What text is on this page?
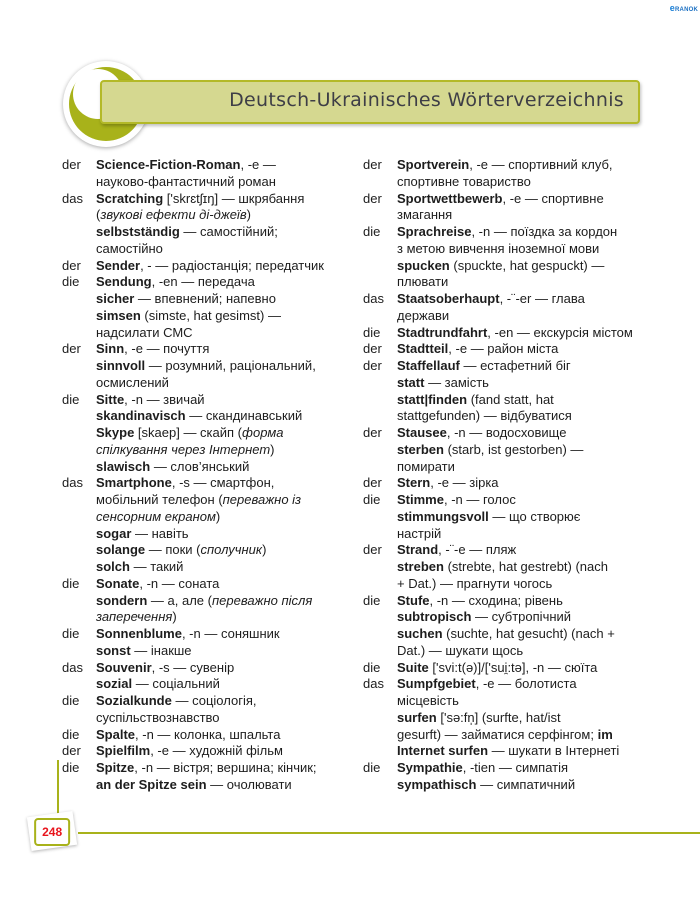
eRANOK
Deutsch-Ukrainisches Wörterverzeichnis
der Science-Fiction-Roman, -e —
науково-фантастичний роман
das Scratching ['skrɛtʃɪŋ] — шкрябання
(звукові ефекти ді-джеїв)
selbstständig — самостійний;
самостійно
der Sender, - — радіостанція; передатчик
die Sendung, -en — передача
sicher — впевнений; напевно
simsen (simste, hat gesimst) —
надсилати СМС
der Sinn, -e — почуття
sinnvoll — розумний, раціональний,
осмислений
die Sitte, -n — звичай
skandinavisch — скандинавський
Skype [skaep] — скайп (форма
спілкування через Інтернет)
slawisch — слов’янський
das Smartphone, -s — смартфон,
мобільний телефон (переважно із
сенсорним екраном)
sogar — навіть
solange — поки (сполучник)
solch — такий
die Sonate, -n — соната
sondern — а, але (переважно після
заперечення)
die Sonnenblume, -n — соняшник
sonst — інакше
das Souvenir, -s — сувенір
sozial — соціальний
die Sozialkunde — соціологія,
суспільствознавство
die Spalte, -n — колонка, шпальта
der Spielfilm, -e — художній фільм
die Spitze, -n — вістря; вершина; кінчик;
an der Spitze sein — очолювати
der Sportverein, -e — спортивний клуб,
спортивне товариство
der Sportwettbewerb, -e — спортивне
змагання
die Sprachreise, -n — поїздка за кордон
з метою вивчення іноземної мови
spucken (spuckte, hat gespuckt) —
плювати
das Staatsoberhaupt, -¨-er — глава
держави
die Stadtrundfahrt, -en — екскурсія містом
der Stadtteil, -e — район міста
der Staffellauf — естафетний біг
statt — замість
statt|finden (fand statt, hat
stattgefunden) — відбуватися
der Stausee, -n — водосховище
sterben (starb, ist gestorben) —
помирати
der Stern, -e — зірка
die Stimme, -n — голос
stimmungsvoll — що створює
настрій
der Strand, -¨-e — пляж
streben (strebte, hat gestrebt) (nach
+ Dat.) — прагнути чогось
die Stufe, -n — сходина; рівень
subtropisch — субтропічний
suchen (suchte, hat gesucht) (nach +
Dat.) — шукати щось
die Suite ['svi:t(ə)]/['sui̯:tə], -n — сюїта
das Sumpfgebiet, -e — болотиста
місцевість
surfen ['sə:fn̩] (surfte, hat/ist
gesurft) — займатися серфінгом; im
Internet surfen — шукати в Інтернеті
die Sympathie, -tien — симпатія
sympathisch — симпатичний
248
